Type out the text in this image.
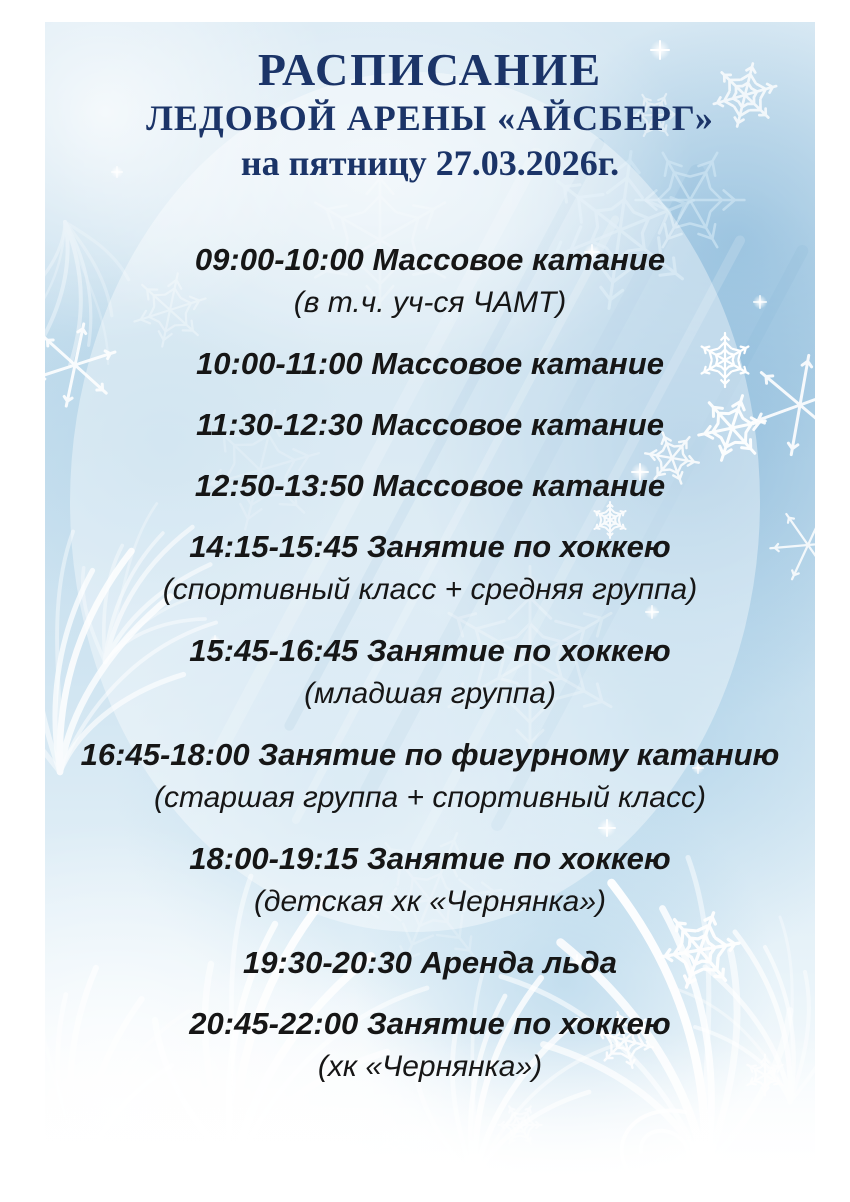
РАСПИСАНИЕ
ЛЕДОВОЙ АРЕНЫ «АЙСБЕРГ»
на пятницу 27.03.2026г.
09:00-10:00 Массовое катание
(в т.ч. уч-ся ЧАМТ)
10:00-11:00 Массовое катание
11:30-12:30 Массовое катание
12:50-13:50 Массовое катание
14:15-15:45 Занятие по хоккею
(спортивный класс + средняя группа)
15:45-16:45 Занятие по хоккею
(младшая группа)
16:45-18:00 Занятие по фигурному катанию
(старшая группа + спортивный класс)
18:00-19:15 Занятие по хоккею
(детская хк «Чернянка»)
19:30-20:30 Аренда льда
20:45-22:00 Занятие по хоккею
(хк «Чернянка»)
